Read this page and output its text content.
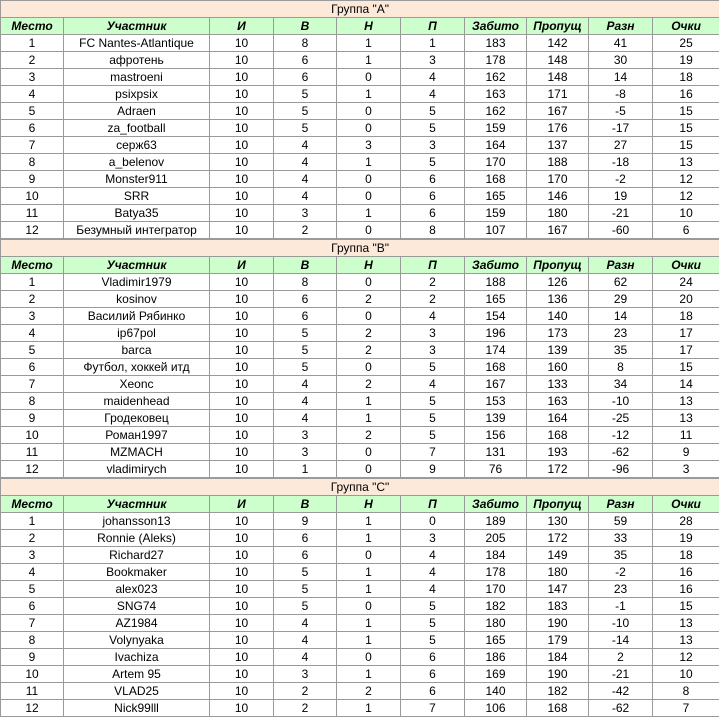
Группа "A"									
Место	Участник	И	В	Н	П	Забито	Пропущ	Разн	Очки
1	FC Nantes-Atlantique	10	8	1	1	183	142	41	25
2	афротень	10	6	1	3	178	148	30	19
3	mastroeni	10	6	0	4	162	148	14	18
4	psixpsix	10	5	1	4	163	171	-8	16
5	Adraen	10	5	0	5	162	167	-5	15
6	za_football	10	5	0	5	159	176	-17	15
7	серж63	10	4	3	3	164	137	27	15
8	a_belenov	10	4	1	5	170	188	-18	13
9	Monster911	10	4	0	6	168	170	-2	12
10	SRR	10	4	0	6	165	146	19	12
11	Batya35	10	3	1	6	159	180	-21	10
12	Безумный интегратор	10	2	0	8	107	167	-60	6
Группа "B"									
Место	Участник	И	В	Н	П	Забито	Пропущ	Разн	Очки
1	Vladimir1979	10	8	0	2	188	126	62	24
2	kosinov	10	6	2	2	165	136	29	20
3	Василий Рябинко	10	6	0	4	154	140	14	18
4	ip67pol	10	5	2	3	196	173	23	17
5	barca	10	5	2	3	174	139	35	17
6	Футбол, хоккей итд	10	5	0	5	168	160	8	15
7	Xeonc	10	4	2	4	167	133	34	14
8	maidenhead	10	4	1	5	153	163	-10	13
9	Гродековец	10	4	1	5	139	164	-25	13
10	Роман1997	10	3	2	5	156	168	-12	11
11	MZMACH	10	3	0	7	131	193	-62	9
12	vladimirych	10	1	0	9	76	172	-96	3
Группа "C"									
Место	Участник	И	В	Н	П	Забито	Пропущ	Разн	Очки
1	johansson13	10	9	1	0	189	130	59	28
2	Ronnie (Aleks)	10	6	1	3	205	172	33	19
3	Richard27	10	6	0	4	184	149	35	18
4	Bookmaker	10	5	1	4	178	180	-2	16
5	alex023	10	5	1	4	170	147	23	16
6	SNG74	10	5	0	5	182	183	-1	15
7	AZ1984	10	4	1	5	180	190	-10	13
8	Volynyaka	10	4	1	5	165	179	-14	13
9	Ivachiza	10	4	0	6	186	184	2	12
10	Artem 95	10	3	1	6	169	190	-21	10
11	VLAD25	10	2	2	6	140	182	-42	8
12	Nick99lll	10	2	1	7	106	168	-62	7
